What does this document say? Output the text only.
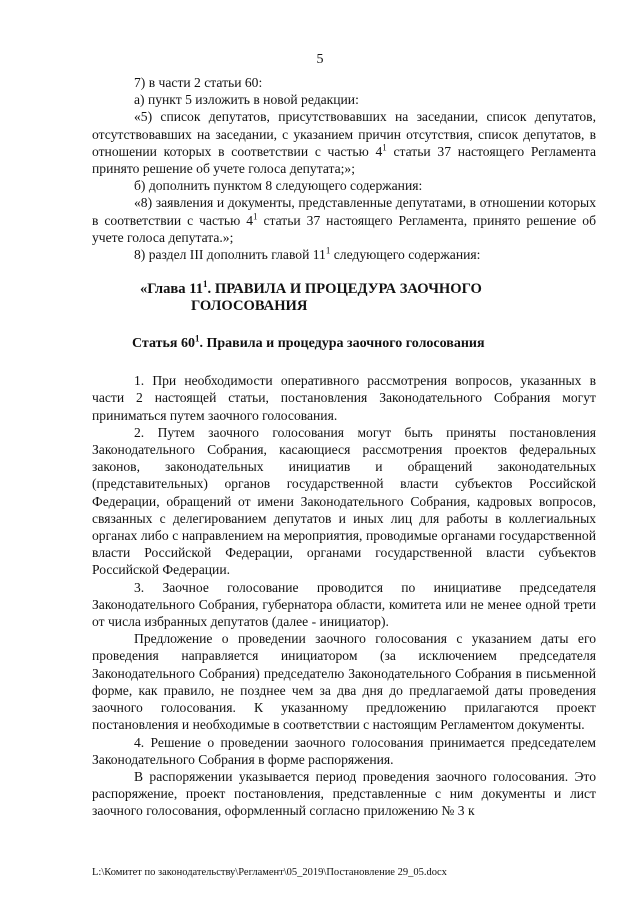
5

7) в части 2 статьи 60:

а) пункт 5 изложить в новой редакции:

«5) список депутатов, присутствовавших на заседании, список депутатов, отсутствовавших на заседании, с указанием причин отсутствия, список депутатов, в отношении которых в соответствии с частью $4^1$ статьи 37 настоящего Регламента принято решение об учете голоса депутата;»;

б) дополнить пунктом 8 следующего содержания:

«8) заявления и документы, представленные депутатами, в отношении которых в соответствии с частью $4^1$ статьи 37 настоящего Регламента, принято решение об учете голоса депутата.»;

8) раздел III дополнить главой $11^1$ следующего содержания:

«Глава $11^1$. ПРАВИЛА И ПРОЦЕДУРА ЗАОЧНОГО
ГОЛОСОВАНИЯ

Статья $60^1$. Правила и процедура заочного голосования

1. При необходимости оперативного рассмотрения вопросов, указанных в части 2 настоящей статьи, постановления Законодательного Собрания могут приниматься путем заочного голосования.

2. Путем заочного голосования могут быть приняты постановления Законодательного Собрания, касающиеся рассмотрения проектов федеральных законов, законодательных инициатив и обращений законодательных (представительных) органов государственной власти субъектов Российской Федерации, обращений от имени Законодательного Собрания, кадровых вопросов, связанных с делегированием депутатов и иных лиц для работы в коллегиальных органах либо с направлением на мероприятия, проводимые органами государственной власти Российской Федерации, органами государственной власти субъектов Российской Федерации.

3. Заочное голосование проводится по инициативе председателя Законодательного Собрания, губернатора области, комитета или не менее одной трети от числа избранных депутатов (далее - инициатор).

Предложение о проведении заочного голосования с указанием даты его проведения направляется инициатором (за исключением председателя Законодательного Собрания) председателю Законодательного Собрания в письменной форме, как правило, не позднее чем за два дня до предлагаемой даты проведения заочного голосования. К указанному предложению прилагаются проект постановления и необходимые в соответствии с настоящим Регламентом документы.

4. Решение о проведении заочного голосования принимается председателем Законодательного Собрания в форме распоряжения.

В распоряжении указывается период проведения заочного голосования. Это распоряжение, проект постановления, представленные с ним документы и лист заочного голосования, оформленный согласно приложению № 3 к

L:\Комитет по законодательству\Регламент\05_2019\Постановление 29_05.docx
